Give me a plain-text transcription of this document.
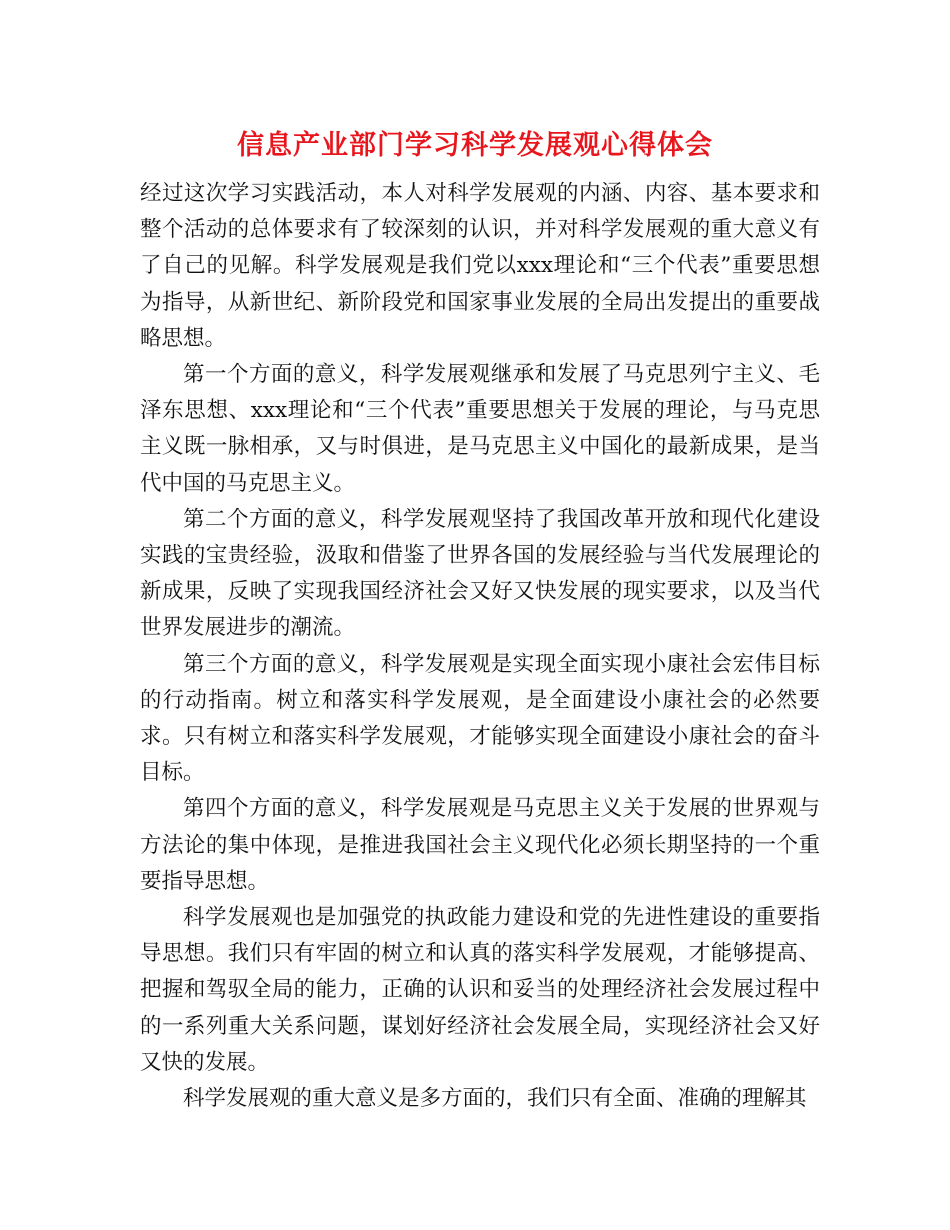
信息产业部门学习科学发展观心得体会

经过这次学习实践活动，本人对科学发展观的内涵、内容、基本要求和整个活动的总体要求有了较深刻的认识，并对科学发展观的重大意义有了自己的见解。科学发展观是我们党以xxx理论和“三个代表”重要思想为指导，从新世纪、新阶段党和国家事业发展的全局出发提出的重要战略思想。

第一个方面的意义，科学发展观继承和发展了马克思列宁主义、毛泽东思想、xxx理论和“三个代表”重要思想关于发展的理论，与马克思主义既一脉相承，又与时俱进，是马克思主义中国化的最新成果，是当代中国的马克思主义。

第二个方面的意义，科学发展观坚持了我国改革开放和现代化建设实践的宝贵经验，汲取和借鉴了世界各国的发展经验与当代发展理论的新成果，反映了实现我国经济社会又好又快发展的现实要求，以及当代世界发展进步的潮流。

第三个方面的意义，科学发展观是实现全面实现小康社会宏伟目标的行动指南。树立和落实科学发展观，是全面建设小康社会的必然要求。只有树立和落实科学发展观，才能够实现全面建设小康社会的奋斗目标。

第四个方面的意义，科学发展观是马克思主义关于发展的世界观与方法论的集中体现，是推进我国社会主义现代化必须长期坚持的一个重要指导思想。

科学发展观也是加强党的执政能力建设和党的先进性建设的重要指导思想。我们只有牢固的树立和认真的落实科学发展观，才能够提高、把握和驾驭全局的能力，正确的认识和妥当的处理经济社会发展过程中的一系列重大关系问题，谋划好经济社会发展全局，实现经济社会又好又快的发展。

科学发展观的重大意义是多方面的，我们只有全面、准确的理解其
